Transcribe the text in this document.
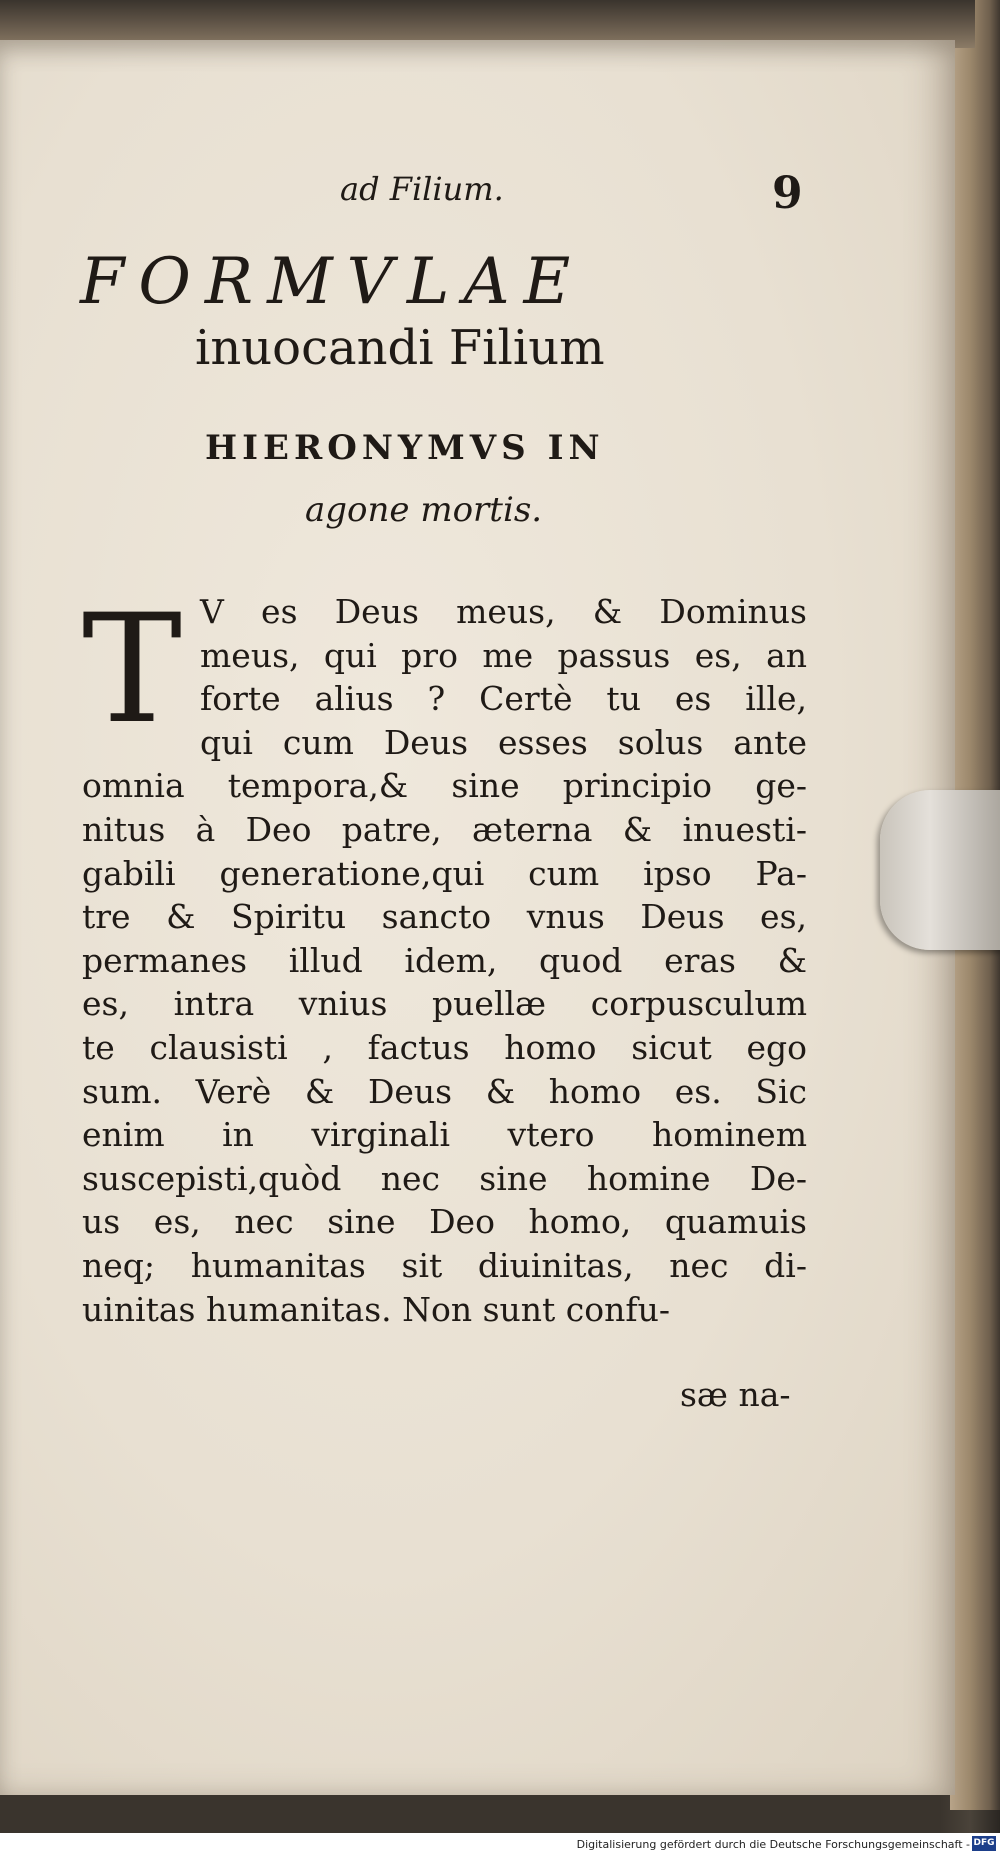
ad Filium.	9
FORMVLAE
inuocandi Filium
HIERONYMVS IN
agone mortis.
T V es Deus meus, & Dominus
meus, qui pro me passus es, an
forte alius ? Certè tu es ille,
qui cum Deus esses solus ante
omnia tempora,& sine principio ge-
nitus à Deo patre, æterna & inuesti-
gabili generatione,qui cum ipso Pa-
tre & Spiritu sancto vnus Deus es,
permanes illud idem, quod eras &
es, intra vnius puellæ corpusculum
te clausisti , factus homo sicut ego
sum. Verè & Deus & homo es. Sic
enim in virginali vtero hominem
suscepisti,quòd nec sine homine De-
us es, nec sine Deo homo, quamuis
neq; humanitas sit diuinitas, nec di-
uinitas humanitas. Non sunt confu-
sæ na-
Digitalisierung gefördert durch die Deutsche Forschungsgemeinschaft - DFG
